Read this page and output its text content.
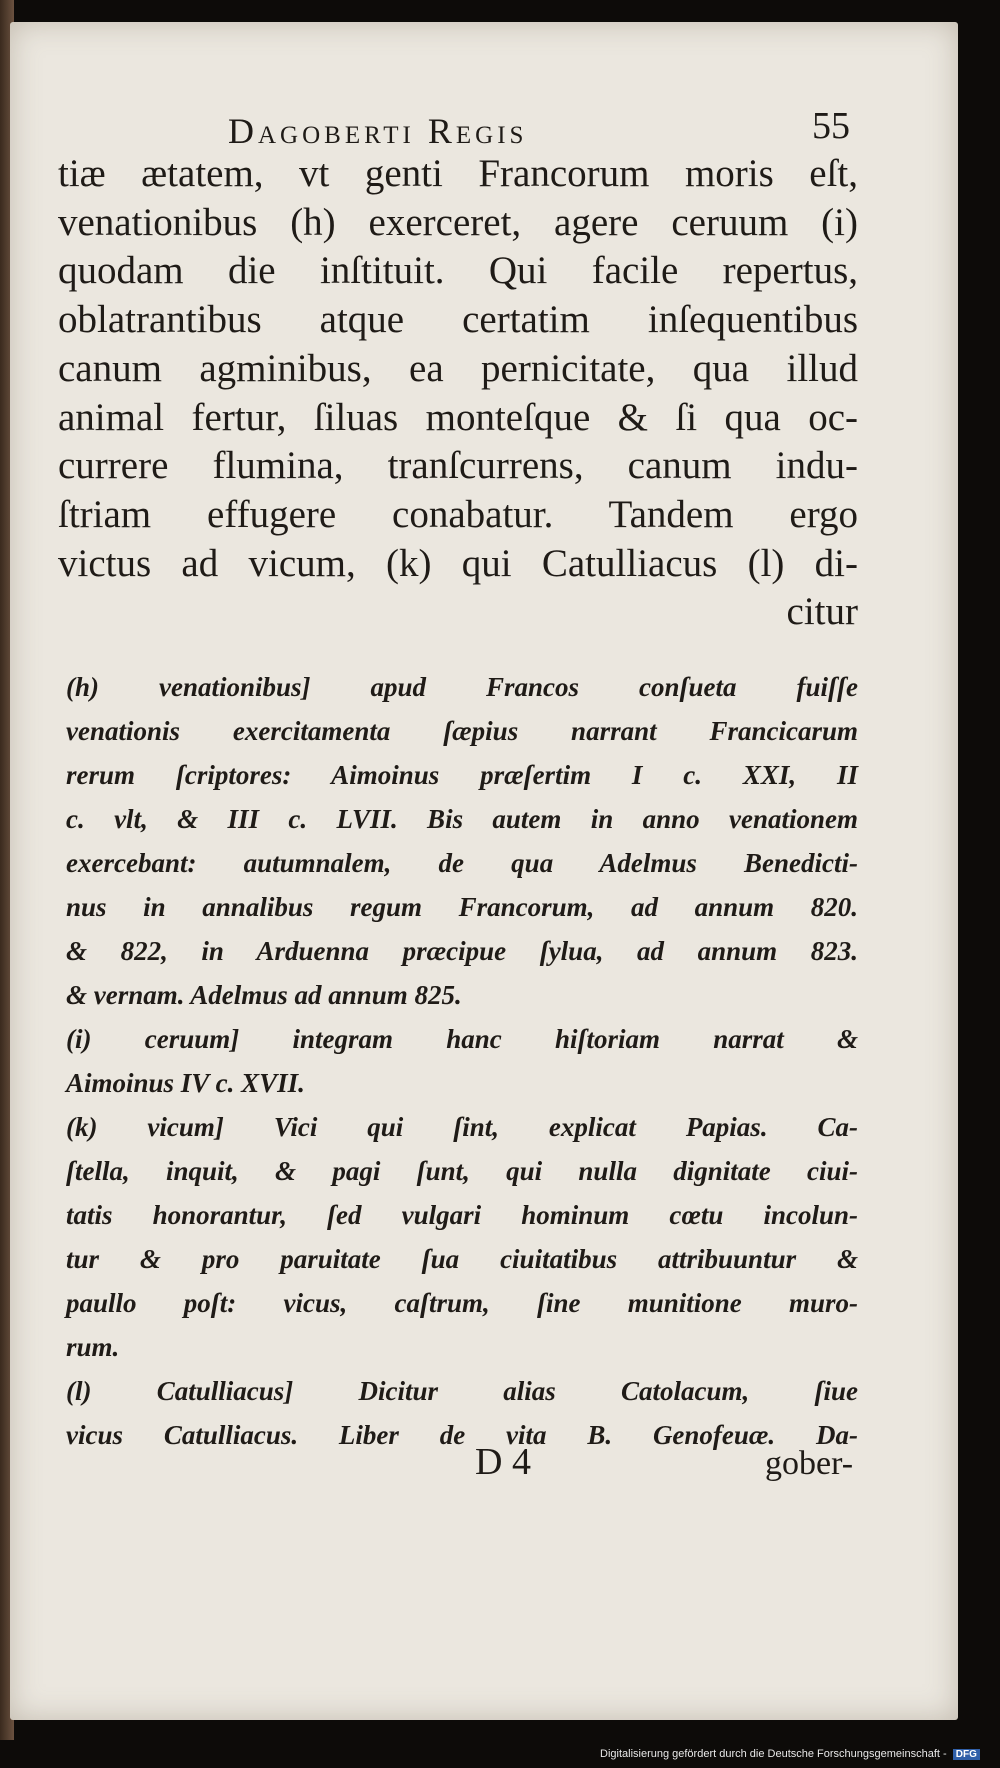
Dagoberti Regis	55
tiæ ætatem, vt genti Francorum moris eſt,
venationibus (h) exerceret, agere ceruum (i)
quodam die inſtituit. Qui facile repertus,
oblatrantibus atque certatim inſequentibus
canum agminibus, ea pernicitate, qua illud
animal fertur, ſiluas monteſque & ſi qua oc-
currere flumina, tranſcurrens, canum indu-
ſtriam effugere conabatur. Tandem ergo
victus ad vicum, (k) qui Catulliacus (l) di-
citur
(h) venationibus] apud Francos conſueta fuiſſe
venationis exercitamenta ſæpius narrant Francicarum
rerum ſcriptores: Aimoinus præſertim I c. XXI, II
c. vlt, & III c. LVII. Bis autem in anno venationem
exercebant: autumnalem, de qua Adelmus Benedicti-
nus in annalibus regum Francorum, ad annum 820.
& 822, in Arduenna præcipue ſylua, ad annum 823.
& vernam. Adelmus ad annum 825.
(i) ceruum] integram hanc hiſtoriam narrat &
Aimoinus IV c. XVII.
(k) vicum] Vici qui ſint, explicat Papias. Ca-
ſtella, inquit, & pagi ſunt, qui nulla dignitate ciui-
tatis honorantur, ſed vulgari hominum cœtu incolun-
tur & pro paruitate ſua ciuitatibus attribuuntur &
paullo poſt: vicus, caſtrum, ſine munitione muro-
rum.
(l) Catulliacus] Dicitur alias Catolacum, ſiue
vicus Catulliacus. Liber de vita B. Genofeuæ. Da-
D 4	gober-
Digitalisierung gefördert durch die Deutsche Forschungsgemeinschaft - DFG
